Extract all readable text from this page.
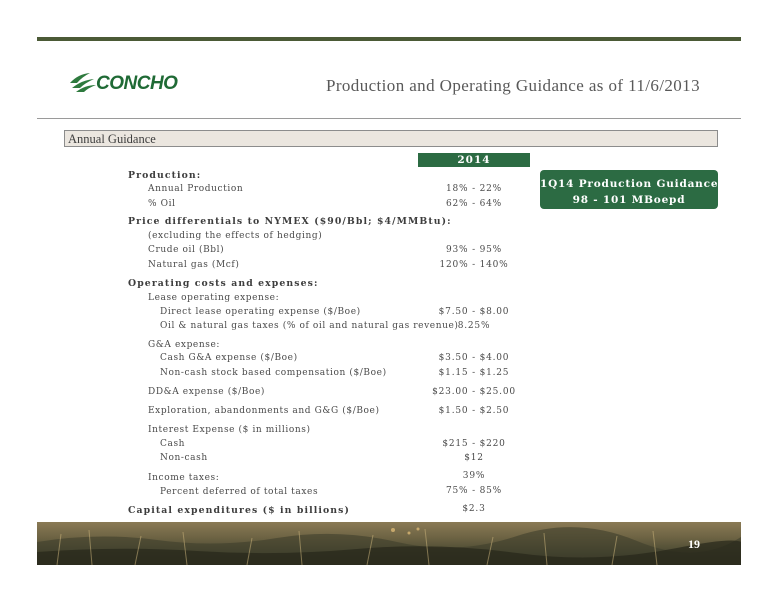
CONCHO	Production and Operating Guidance as of 11/6/2013
Annual Guidance
2014
1Q14 Production Guidance:
98 - 101 MBoepd
Production:
Annual Production	18% - 22%
% Oil	62% - 64%
Price differentials to NYMEX ($90/Bbl; $4/MMBtu):
(excluding the effects of hedging)
Crude oil (Bbl)	93% - 95%
Natural gas (Mcf)	120% - 140%
Operating costs and expenses:
Lease operating expense:
Direct lease operating expense ($/Boe)	$7.50 - $8.00
Oil & natural gas taxes (% of oil and natural gas revenue) 8.25%
G&A expense:
Cash G&A expense ($/Boe)	$3.50 - $4.00
Non-cash stock based compensation ($/Boe)	$1.15 - $1.25
DD&A expense ($/Boe)	$23.00 - $25.00
Exploration, abandonments and G&G ($/Boe)	$1.50 - $2.50
Interest Expense ($ in millions)
Cash	$215 - $220
Non-cash	$12
Income taxes:	39%
Percent deferred of total taxes	75% - 85%
Capital expenditures ($ in billions)	$2.3
19
